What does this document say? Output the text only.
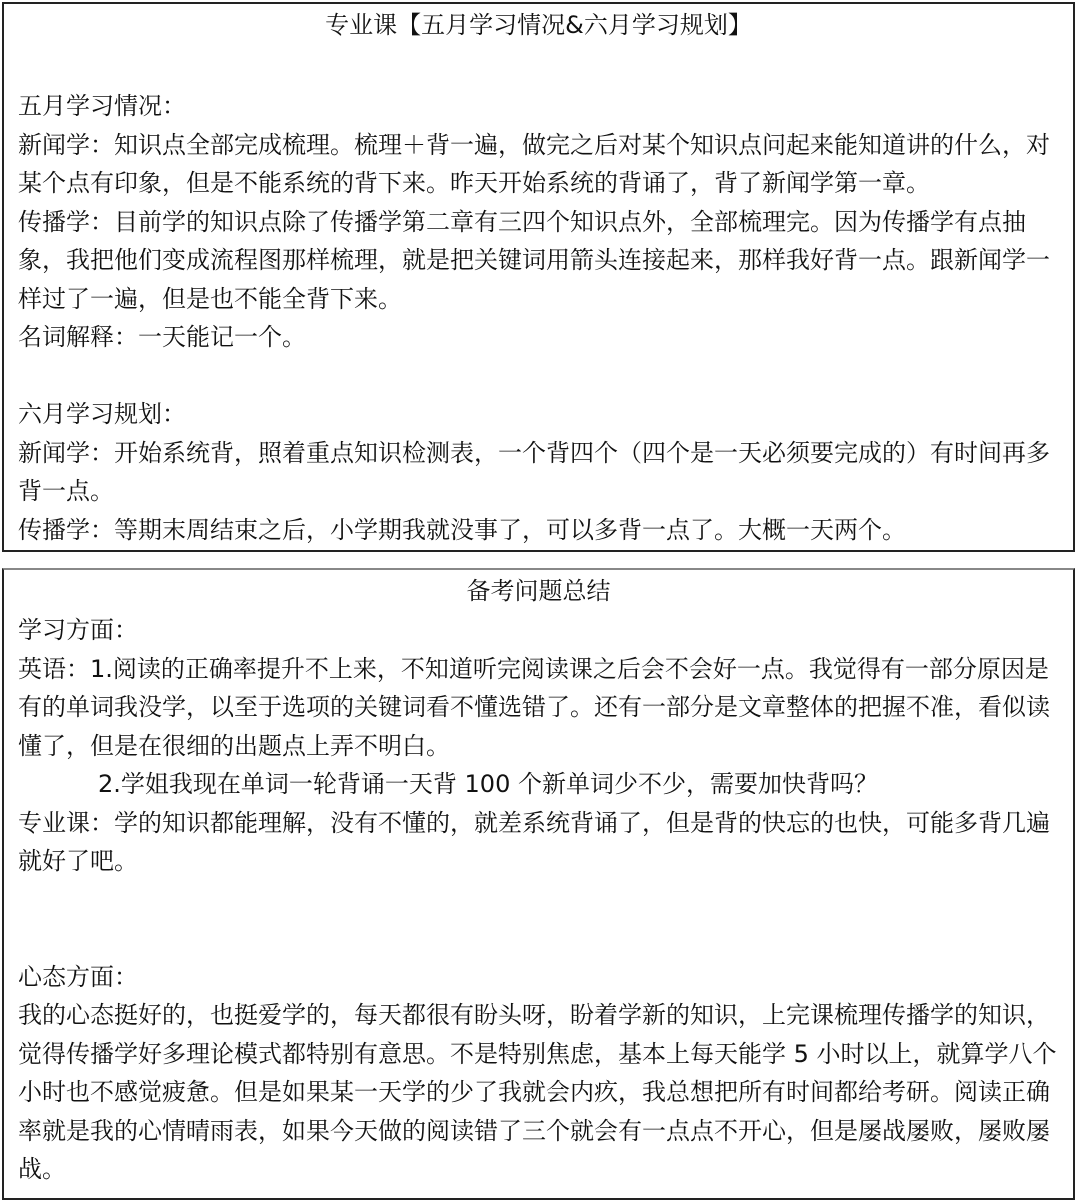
专业课【五月学习情况&六月学习规划】
五月学习情况：
新闻学：知识点全部完成梳理。梳理＋背一遍，做完之后对某个知识点问起来能知道讲的什么，对某个点有印象，但是不能系统的背下来。昨天开始系统的背诵了，背了新闻学第一章。
传播学：目前学的知识点除了传播学第二章有三四个知识点外，全部梳理完。因为传播学有点抽象，我把他们变成流程图那样梳理，就是把关键词用箭头连接起来，那样我好背一点。跟新闻学一样过了一遍，但是也不能全背下来。
名词解释：一天能记一个。
六月学习规划：
新闻学：开始系统背，照着重点知识检测表，一个背四个（四个是一天必须要完成的）有时间再多背一点。
传播学：等期末周结束之后，小学期我就没事了，可以多背一点了。大概一天两个。
备考问题总结
学习方面：
英语：1.阅读的正确率提升不上来，不知道听完阅读课之后会不会好一点。我觉得有一部分原因是有的单词我没学，以至于选项的关键词看不懂选错了。还有一部分是文章整体的把握不准，看似读懂了，但是在很细的出题点上弄不明白。
2.学姐我现在单词一轮背诵一天背 100 个新单词少不少，需要加快背吗？
专业课：学的知识都能理解，没有不懂的，就差系统背诵了，但是背的快忘的也快，可能多背几遍就好了吧。
心态方面：
我的心态挺好的，也挺爱学的，每天都很有盼头呀，盼着学新的知识，上完课梳理传播学的知识，觉得传播学好多理论模式都特别有意思。不是特别焦虑，基本上每天能学 5 小时以上，就算学八个小时也不感觉疲惫。但是如果某一天学的少了我就会内疚，我总想把所有时间都给考研。阅读正确率就是我的心情晴雨表，如果今天做的阅读错了三个就会有一点点不开心，但是屡战屡败，屡败屡战。
